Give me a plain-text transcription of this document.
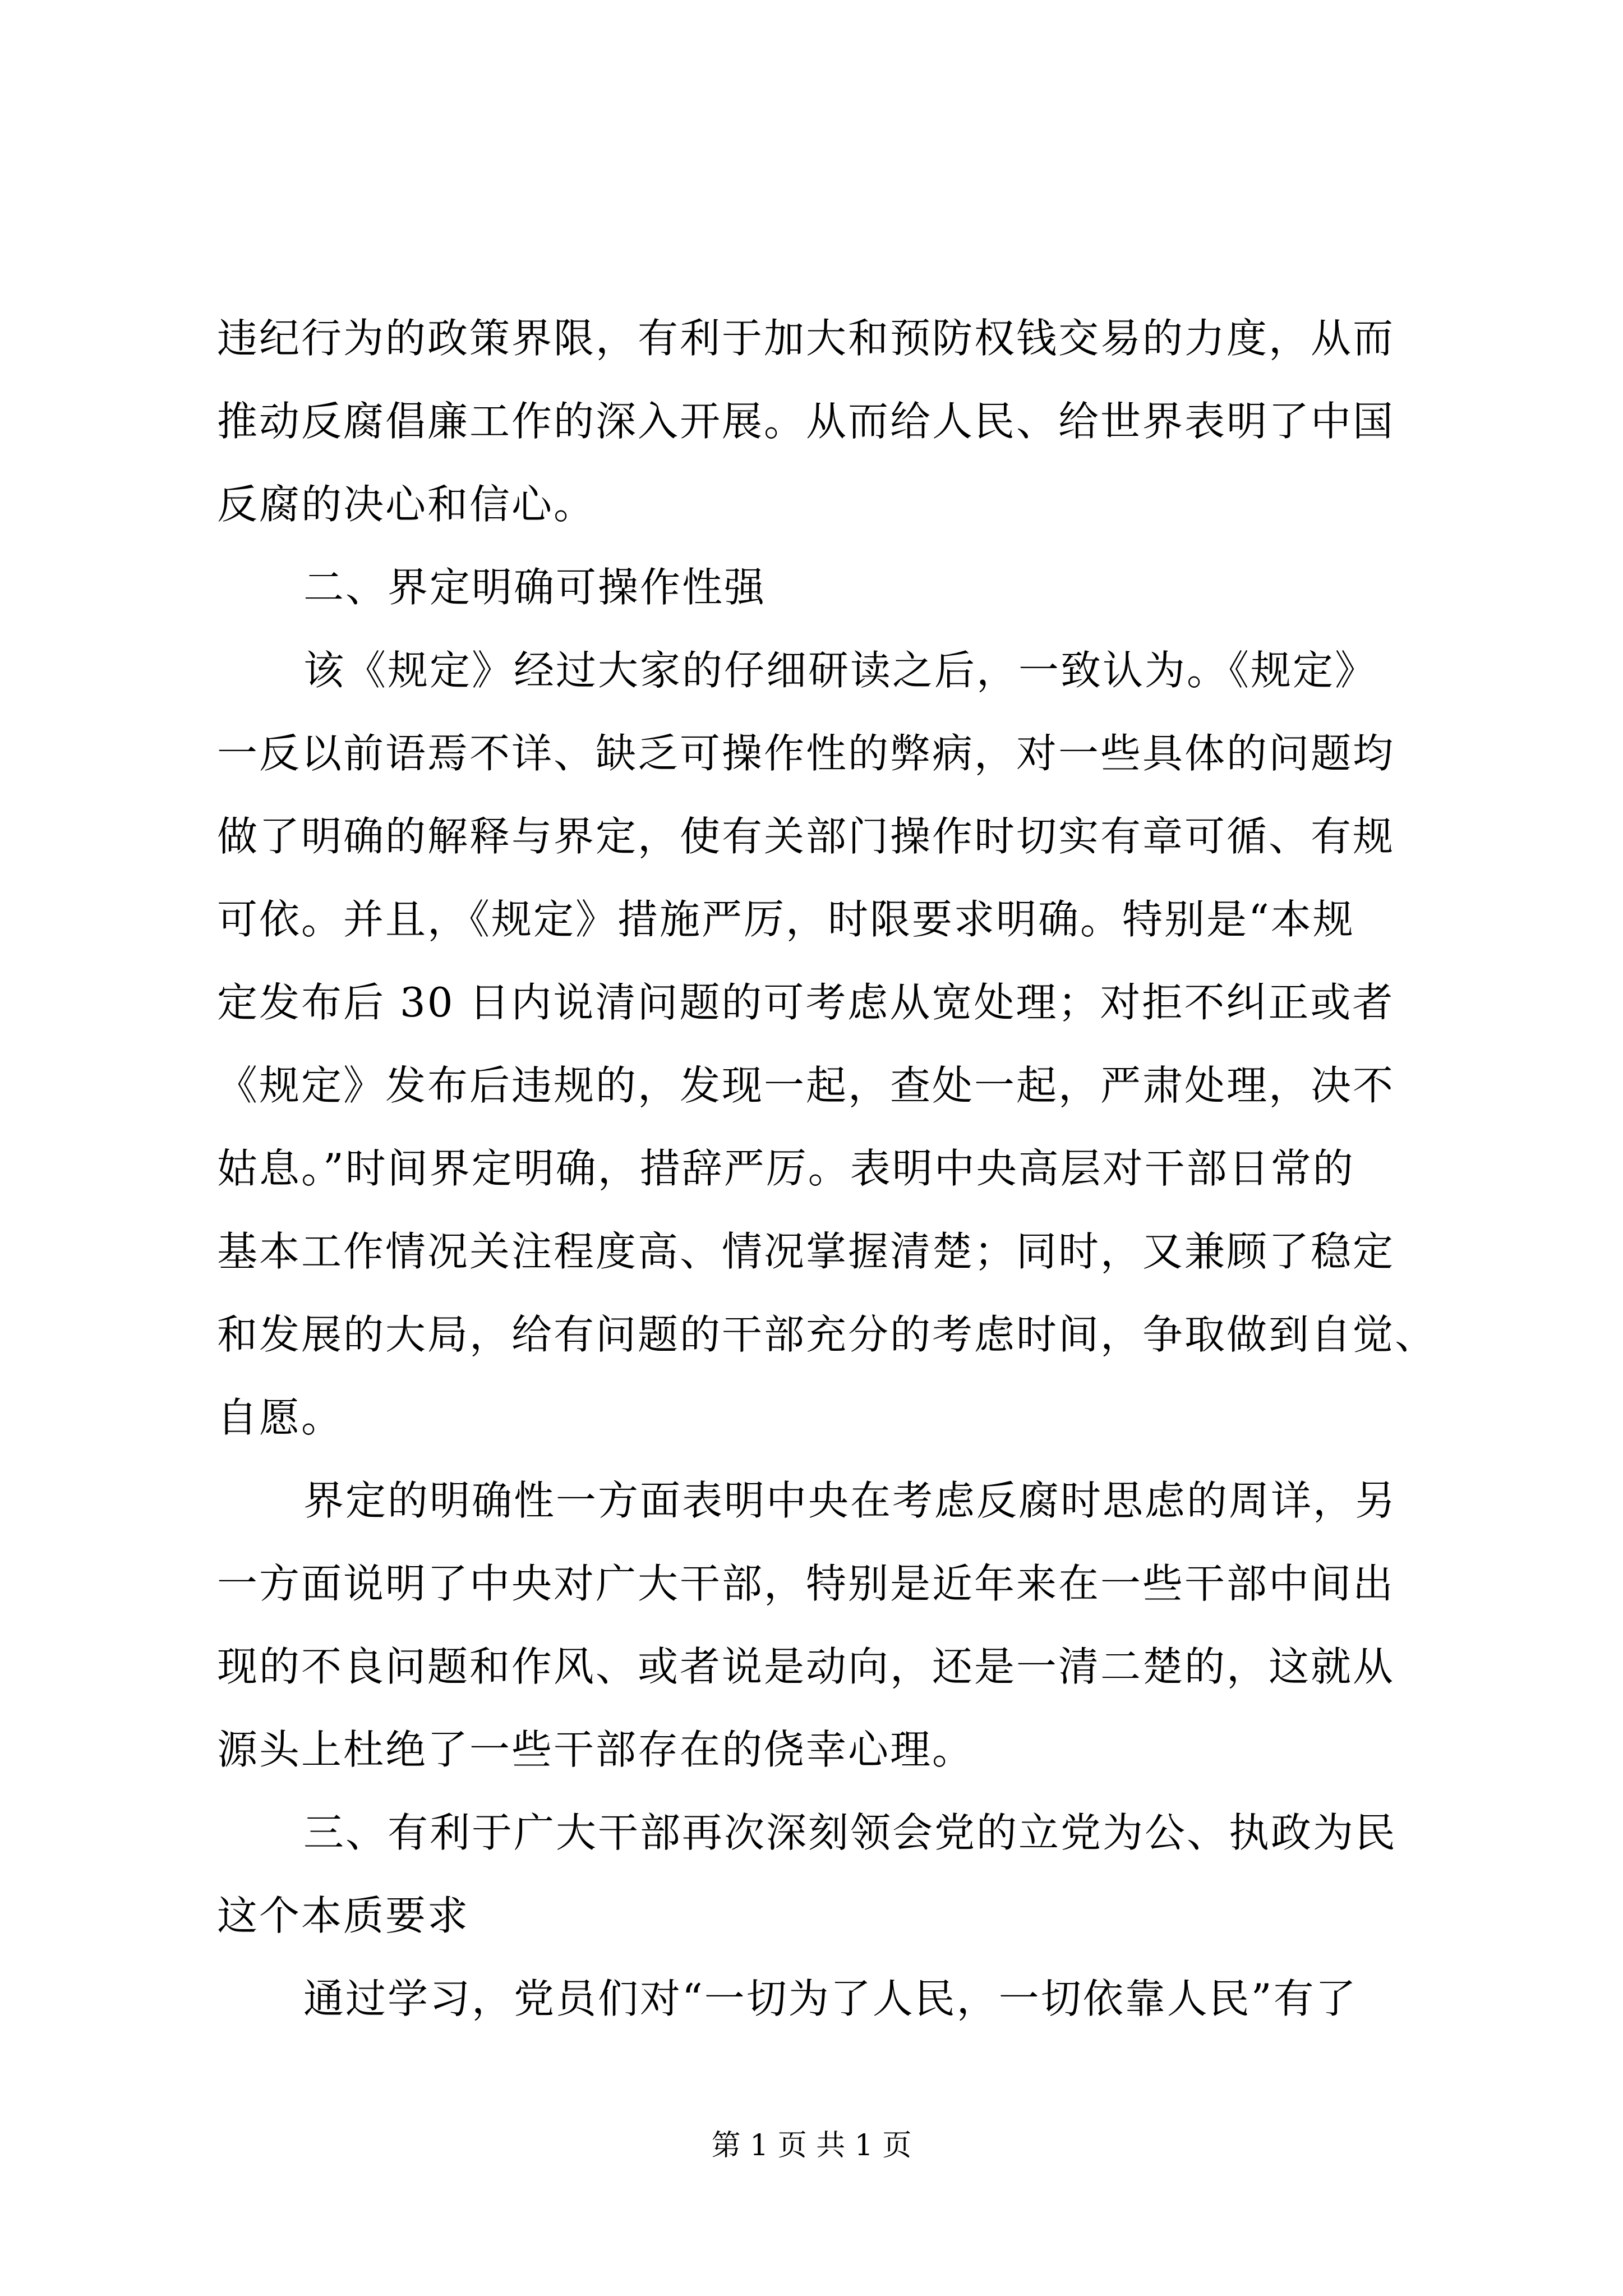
违纪行为的政策界限，有利于加大和预防权钱交易的力度，从而
推动反腐倡廉工作的深入开展。从而给人民、给世界表明了中国
反腐的决心和信心。
二、界定明确可操作性强
该《规定》经过大家的仔细研读之后，一致认为。《规定》
一反以前语焉不详、缺乏可操作性的弊病，对一些具体的问题均
做了明确的解释与界定，使有关部门操作时切实有章可循、有规
可依。并且，《规定》措施严厉，时限要求明确。特别是“本规
定发布后 30 日内说清问题的可考虑从宽处理；对拒不纠正或者
《规定》发布后违规的，发现一起，查处一起，严肃处理，决不
姑息。”时间界定明确，措辞严厉。表明中央高层对干部日常的
基本工作情况关注程度高、情况掌握清楚；同时，又兼顾了稳定
和发展的大局，给有问题的干部充分的考虑时间，争取做到自觉、
自愿。
界定的明确性一方面表明中央在考虑反腐时思虑的周详，另
一方面说明了中央对广大干部，特别是近年来在一些干部中间出
现的不良问题和作风、或者说是动向，还是一清二楚的，这就从
源头上杜绝了一些干部存在的侥幸心理。
三、有利于广大干部再次深刻领会党的立党为公、执政为民
这个本质要求
通过学习，党员们对“一切为了人民，一切依靠人民”有了
第 1 页 共 1 页
